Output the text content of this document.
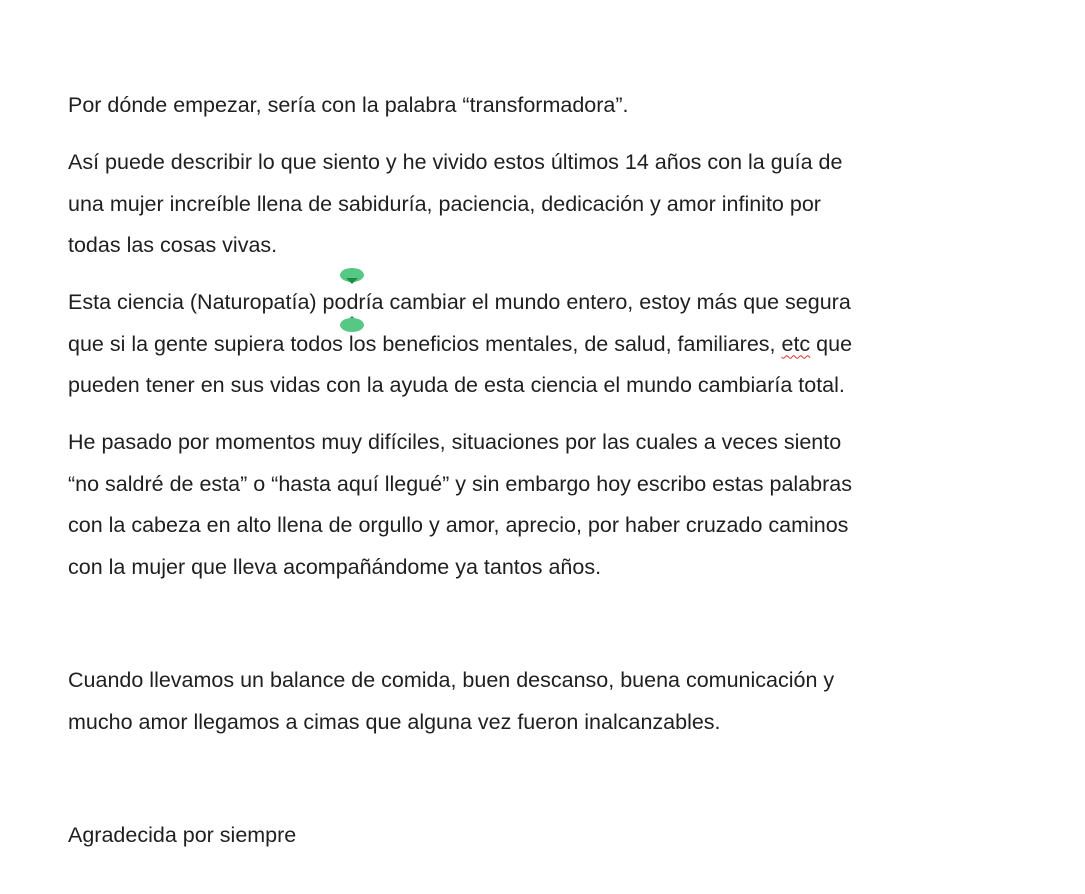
Por dónde empezar, sería con la palabra “transformadora”.

Así puede describir lo que siento y he vivido estos últimos 14 años con la guía de
una mujer increíble llena de sabiduría, paciencia, dedicación y amor infinito por
todas las cosas vivas.

Esta ciencia (Naturopatía) podría cambiar el mundo entero, estoy más que segura
que si la gente supiera todos los beneficios mentales, de salud, familiares, etc que
pueden tener en sus vidas con la ayuda de esta ciencia el mundo cambiaría total.

He pasado por momentos muy difíciles, situaciones por las cuales a veces siento
“no saldré de esta” o “hasta aquí llegué” y sin embargo hoy escribo estas palabras
con la cabeza en alto llena de orgullo y amor, aprecio, por haber cruzado caminos
con la mujer que lleva acompañándome ya tantos años.

Cuando llevamos un balance de comida, buen descanso, buena comunicación y
mucho amor llegamos a cimas que alguna vez fueron inalcanzables.

Agradecida por siempre
